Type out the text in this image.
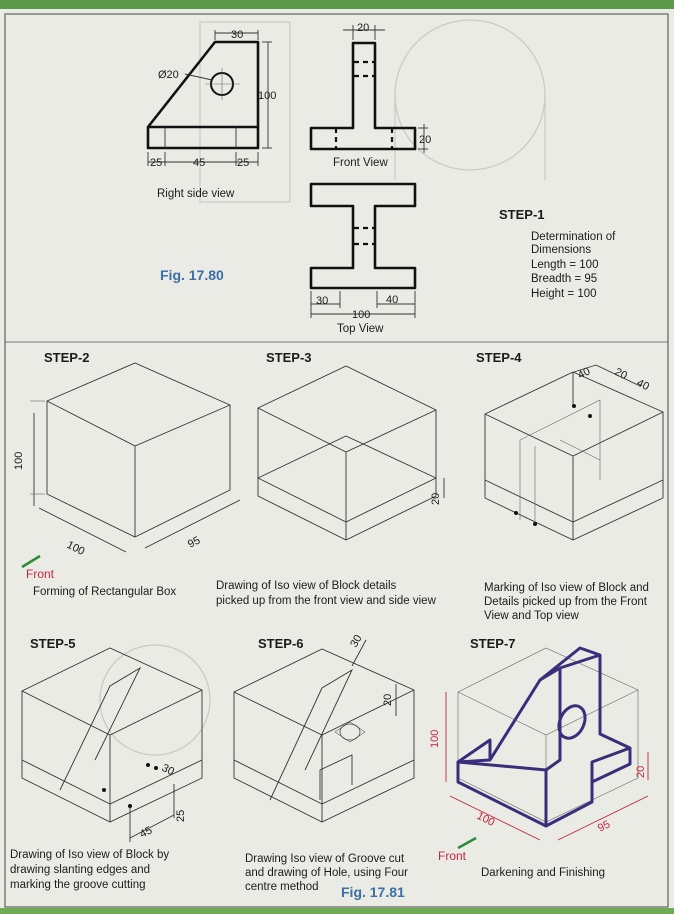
Ø20
30
100
25	45	25
Right side view
20
20
Front View
30	40
100
Top View
Fig. 17.80
STEP-1
Determination of
Dimensions
Length = 100
Breadth = 95
Height = 100
STEP-2
100
100	95
Front
Forming of Rectangular Box
STEP-3
20
Drawing of Iso view of Block details
picked up from the front view and side view
STEP-4
40 20
40
Marking of Iso view of Block and
Details picked up from the Front
View and Top view
STEP-5
30
45
25
Drawing of Iso view of Block by
drawing slanting edges and
marking the groove cutting
STEP-6	30
20
Drawing Iso view of Groove cut
and drawing of Hole, using Four
centre method
STEP-7
100
100	95
20
Front
Darkening and Finishing
Fig. 17.81
